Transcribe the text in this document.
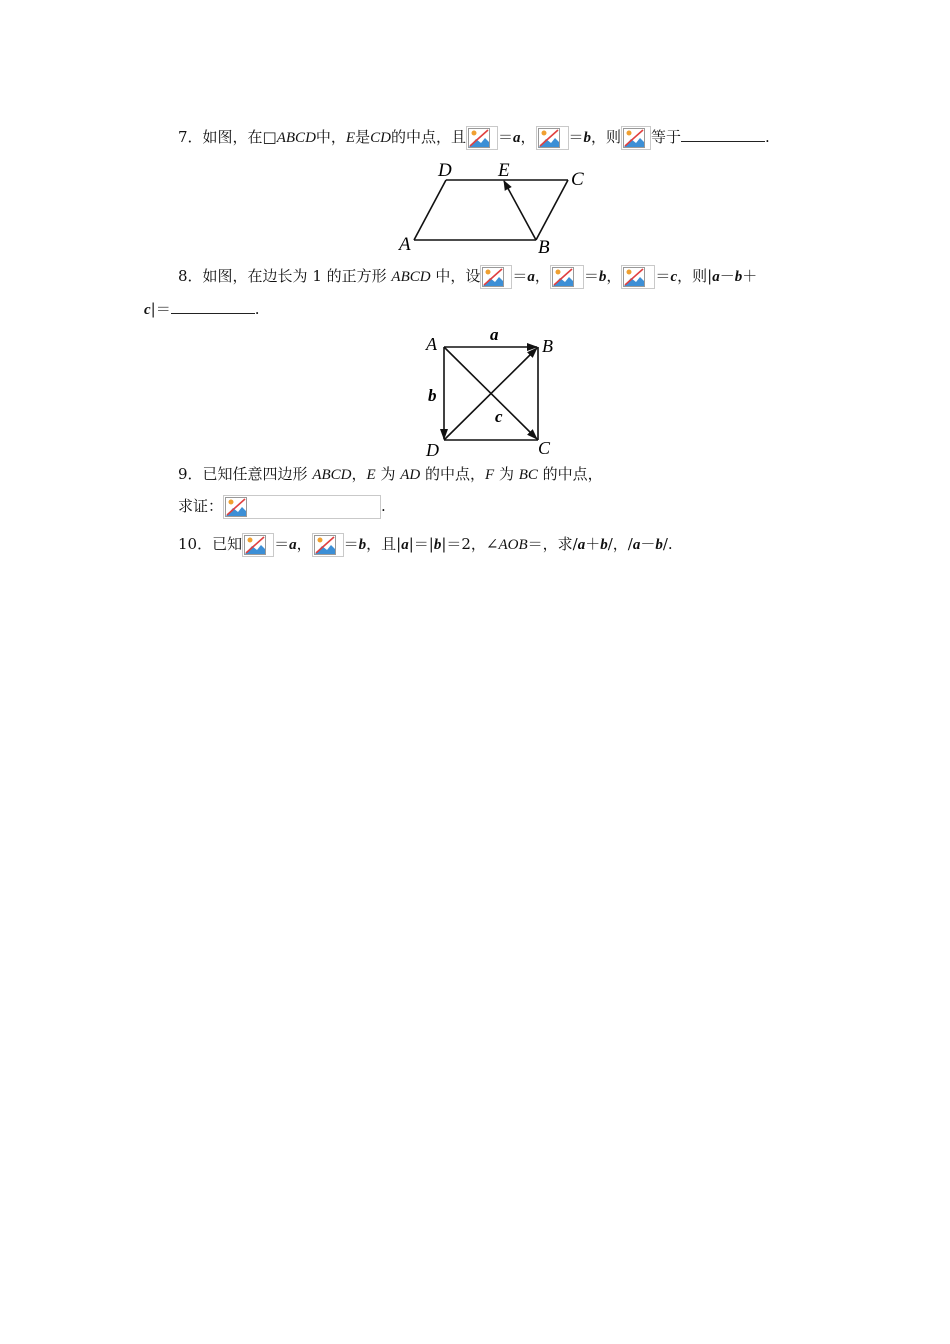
7．如图，在□ABCD中，E是CD的中点，且 ＝a， ＝b，则 等于	.
D E	C
A	B
8．如图，在边长为 1 的正方形 ABCD 中，设 ＝a， ＝b， ＝c，则|a－b＋
c|＝	.
A	B
C
D
a
b
c
9．已知任意四边形 ABCD，E 为 AD 的中点，F 为 BC 的中点，
求证：	.
10．已知 ＝a， ＝b，且|a|＝|b|＝2，∠AOB＝，求/a＋b/，/a－b/.
